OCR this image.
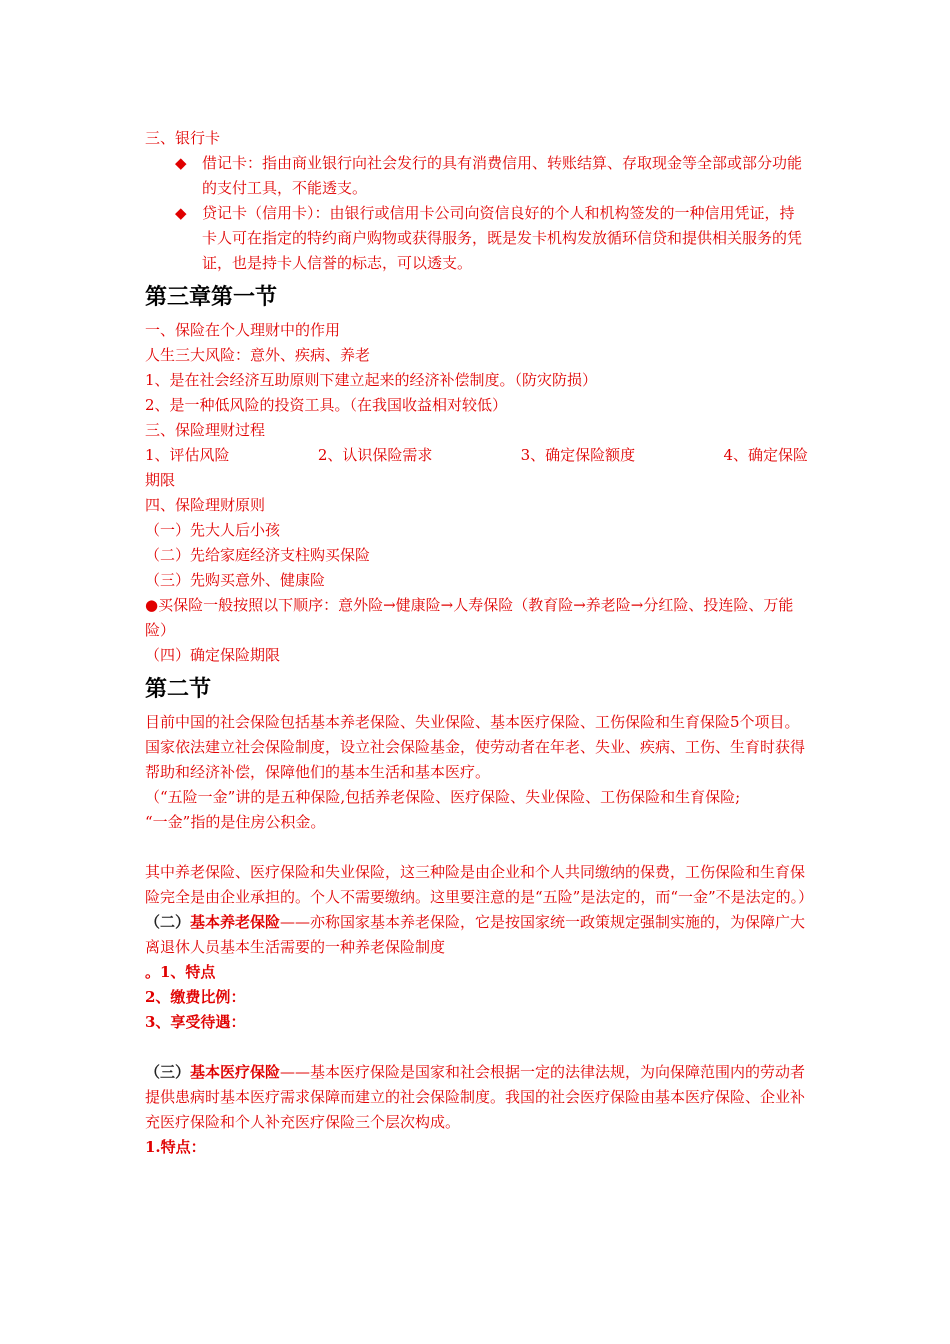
三、银行卡

◆ 借记卡：指由商业银行向社会发行的具有消费信用、转账结算、存取现金等全部或部分功能的支付工具，不能透支。
◆ 贷记卡（信用卡）：由银行或信用卡公司向资信良好的个人和机构签发的一种信用凭证，持卡人可在指定的特约商户购物或获得服务，既是发卡机构发放循环信贷和提供相关服务的凭证，也是持卡人信誉的标志，可以透支。

第三章第一节

一、保险在个人理财中的作用

人生三大风险：意外、疾病、养老

1、是在社会经济互助原则下建立起来的经济补偿制度。（防灾防损）

2、是一种低风险的投资工具。（在我国收益相对较低）

三、保险理财过程

1、评估风险	2、认识保险需求	3、确定保险额度	4、确定保险

期限

四、保险理财原则

（一）先大人后小孩

（二）先给家庭经济支柱购买保险

（三）先购买意外、健康险

●买保险一般按照以下顺序：意外险→健康险→人寿保险（教育险→养老险→分红险、投连险、万能险）

（四）确定保险期限

第二节

目前中国的社会保险包括基本养老保险、失业保险、基本医疗保险、工伤保险和生育保险5个项目。国家依法建立社会保险制度，设立社会保险基金，使劳动者在年老、失业、疾病、工伤、生育时获得帮助和经济补偿，保障他们的基本生活和基本医疗。

（“五险一金”讲的是五种保险,包括养老保险、医疗保险、失业保险、工伤保险和生育保险;

“一金”指的是住房公积金。

其中养老保险、医疗保险和失业保险，这三种险是由企业和个人共同缴纳的保费，工伤保险和生育保险完全是由企业承担的。个人不需要缴纳。这里要注意的是“五险”是法定的，而“一金”不是法定的。）

（二）基本养老保险——亦称国家基本养老保险，它是按国家统一政策规定强制实施的，为保障广大离退休人员基本生活需要的一种养老保险制度

。1、特点

2、缴费比例：

3、享受待遇：

（三）基本医疗保险——基本医疗保险是国家和社会根据一定的法律法规，为向保障范围内的劳动者提供患病时基本医疗需求保障而建立的社会保险制度。我国的社会医疗保险由基本医疗保险、企业补充医疗保险和个人补充医疗保险三个层次构成。

1.特点：
